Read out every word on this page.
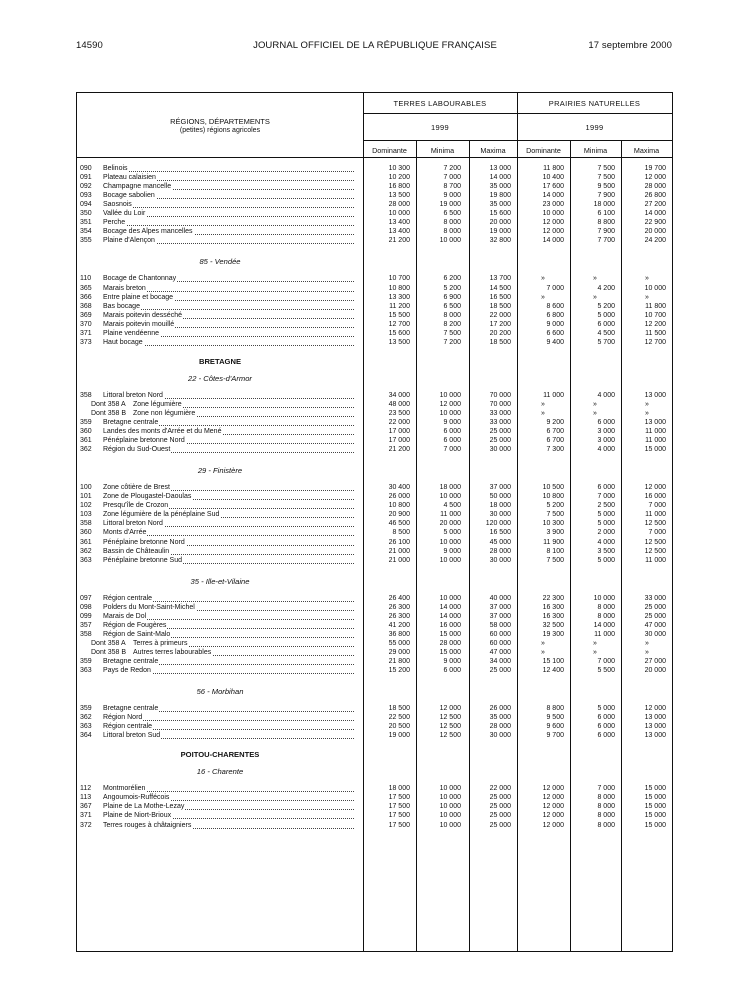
14590	JOURNAL OFFICIEL DE LA RÉPUBLIQUE FRANÇAISE	17 septembre 2000
RÉGIONS, DÉPARTEMENTS
(petites) régions agricoles
TERRES LABOURABLES	PRAIRIES NATURELLES
1999	1999
Dominante	Minima	Maxima	Dominante	Minima	Maxima
090	Belinois	10 300	7 200	13 000	11 800	7 500	19 700
091	Plateau calaisien	10 200	7 000	14 000	10 400	7 500	12 000
092	Champagne mancelle	16 800	8 700	35 000	17 600	9 500	28 000
093	Bocage sabolien	13 500	9 000	19 800	14 000	7 900	26 800
094	Saosnois	28 000	19 000	35 000	23 000	18 000	27 200
350	Vallée du Loir	10 000	6 500	15 600	10 000	6 100	14 000
351	Perche	13 400	8 000	20 000	12 000	8 800	22 900
354	Bocage des Alpes mancelles	13 400	8 000	19 000	12 000	7 900	20 000
355	Plaine d'Alençon	21 200	10 000	32 800	14 000	7 700	24 200
85 - Vendée
110	Bocage de Chantonnay	10 700	6 200	13 700	»	»	»
365	Marais breton	10 800	5 200	14 500	7 000	4 200	10 000
366	Entre plaine et bocage	13 300	6 900	16 500	»	»	»
368	Bas bocage	11 200	6 500	18 500	8 600	5 200	11 800
369	Marais poitevin desséché	15 500	8 000	22 000	6 800	5 000	10 700
370	Marais poitevin mouillé	12 700	8 200	17 200	9 000	6 000	12 200
371	Plaine vendéenne	15 600	7 500	20 200	6 600	4 500	11 500
373	Haut bocage	13 500	7 200	18 500	9 400	5 700	12 700
BRETAGNE
22 - Côtes-d'Armor
358	Littoral breton Nord	34 000	10 000	70 000	11 000	4 000	13 000
Dont 358 A	Zone légumière	48 000	12 000	70 000	»	»	»
Dont 358 B Zone non légumière	23 500	10 000	33 000	»	»	»
359	Bretagne centrale	22 000	9 000	33 000	9 200	6 000	13 000
360	Landes des monts d'Arrée et du Mené	17 000	6 000	25 000	6 700	3 000	11 000
361	Pénéplaine bretonne Nord	17 000	6 000	25 000	6 700	3 000	11 000
362	Région du Sud-Ouest	21 200	7 000	30 000	7 300	4 000	15 000
29 - Finistère
100	Zone côtière de Brest	30 400	18 000	37 000	10 500	6 000	12 000
101	Zone de Plougastel-Daoulas	26 000	10 000	50 000	10 800	7 000	16 000
102	Presqu'île de Crozon	10 800	4 500	18 000	5 200	2 500	7 000
103	Zone légumière de la pénéplaine Sud	20 900	11 000	30 000	7 500	5 000	11 000
358	Littoral breton Nord	46 500	20 000	120 000	10 300	5 000	12 500
360	Monts d'Arrée	8 500	5 000	16 500	3 900	2 000	7 000
361	Pénéplaine bretonne Nord	26 100	10 000	45 000	11 900	4 000	12 500
362	Bassin de Châteaulin	21 000	9 000	28 000	8 100	3 500	12 500
363	Pénéplaine bretonne Sud	21 000	10 000	30 000	7 500	5 000	11 000
35 - Ille-et-Vilaine
097	Région centrale	26 400	10 000	40 000	22 300	10 000	33 000
098	Polders du Mont-Saint-Michel	26 300	14 000	37 000	16 300	8 000	25 000
099	Marais de Dol	26 300	14 000	37 000	16 300	8 000	25 000
357	Région de Fougères	41 200	16 000	58 000	32 500	14 000	47 000
358	Région de Saint-Malo	36 800	15 000	60 000	19 300	11 000	30 000
Dont 358 A	Terres à primeurs	55 000	28 000	60 000	»	»	»
Dont 358 B Autres terres labourables	29 000	15 000	47 000	»	»	»
359	Bretagne centrale	21 800	9 000	34 000	15 100	7 000	27 000
363	Pays de Redon	15 200	6 000	25 000	12 400	5 500	20 000
56 - Morbihan
359	Bretagne centrale	18 500	12 000	26 000	8 800	5 000	12 000
362	Région Nord	22 500	12 500	35 000	9 500	6 000	13 000
363	Région centrale	20 500	12 500	28 000	9 600	6 000	13 000
364	Littoral breton Sud	19 000	12 500	30 000	9 700	6 000	13 000
POITOU-CHARENTES
16 - Charente
112	Montmorélien	18 000	10 000	22 000	12 000	7 000	15 000
113	Angoumois-Ruffécois	17 500	10 000	25 000	12 000	8 000	15 000
367	Plaine de La Mothe-Lezay	17 500	10 000	25 000	12 000	8 000	15 000
371	Plaine de Niort-Brioux	17 500	10 000	25 000	12 000	8 000	15 000
372	Terres rouges à châtaigniers	17 500	10 000	25 000	12 000	8 000	15 000
